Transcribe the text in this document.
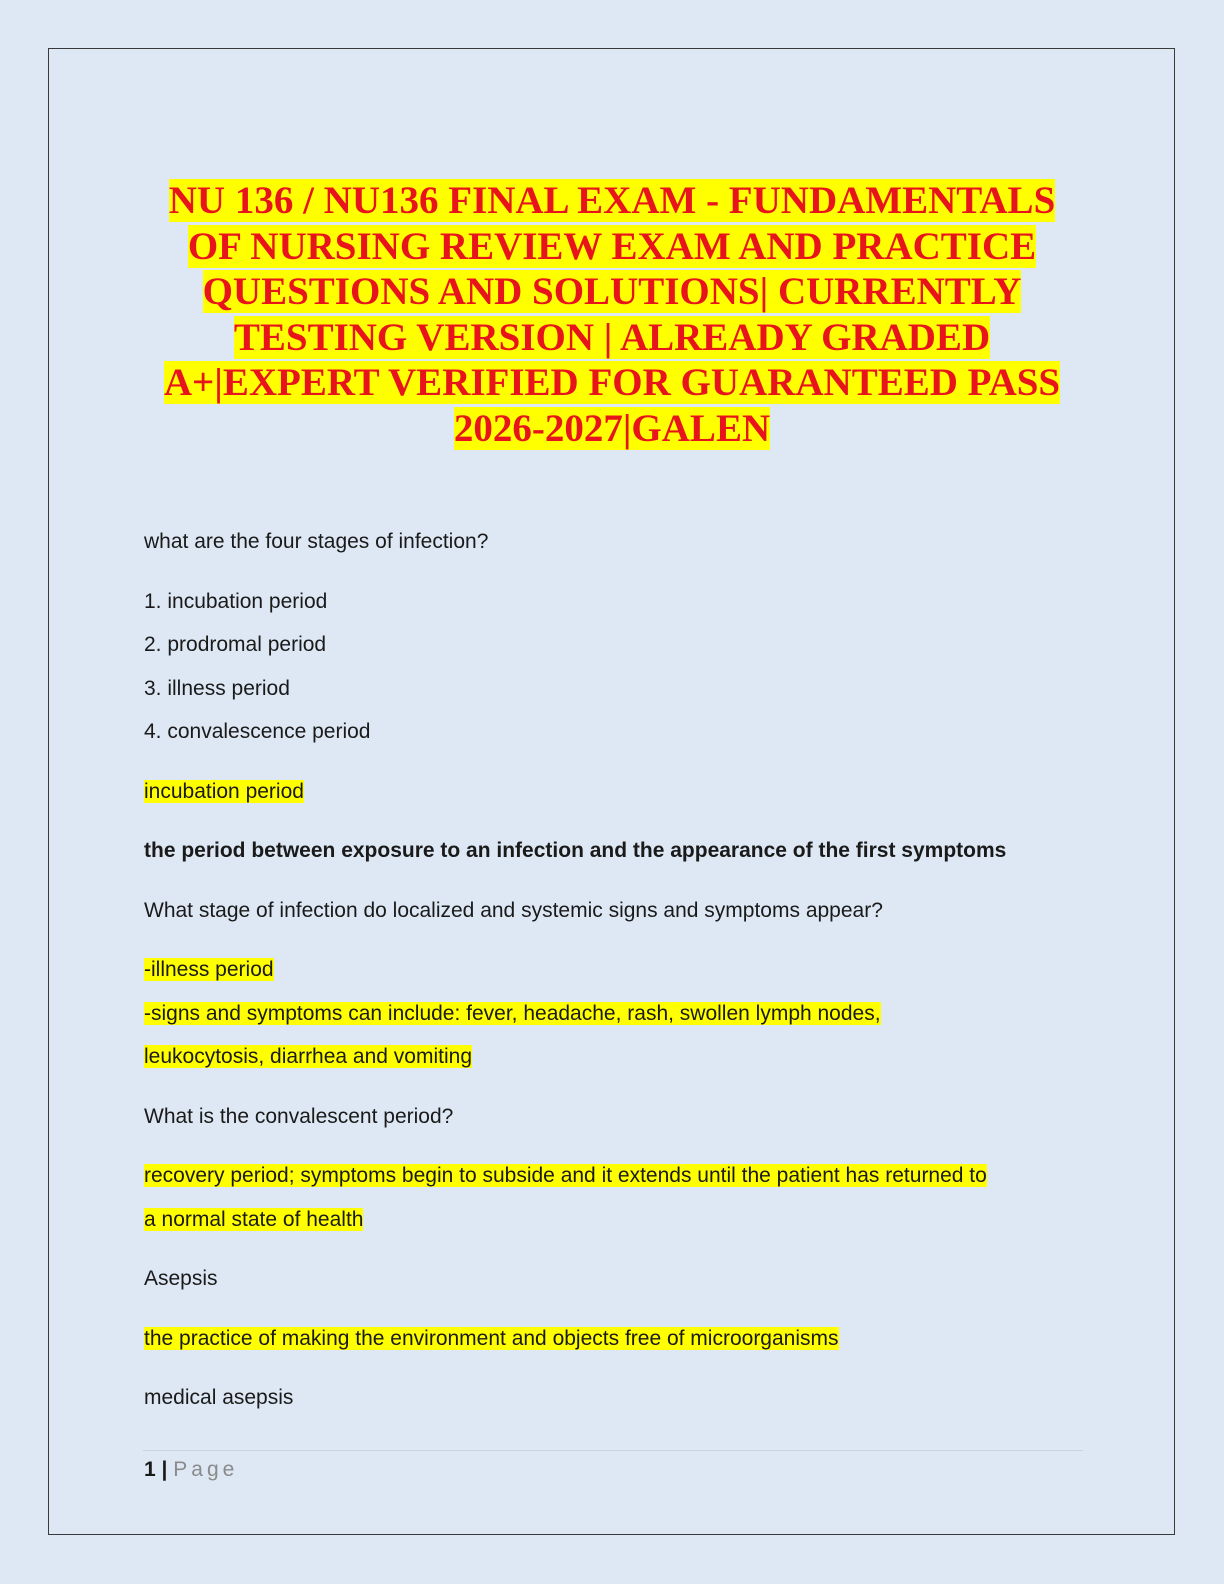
NU 136 / NU136 FINAL EXAM - FUNDAMENTALS
OF NURSING REVIEW EXAM AND PRACTICE
QUESTIONS AND SOLUTIONS| CURRENTLY
TESTING VERSION | ALREADY GRADED
A+|EXPERT VERIFIED FOR GUARANTEED PASS
2026-2027|GALEN
what are the four stages of infection?
1. incubation period
2. prodromal period
3. illness period
4. convalescence period
incubation period
the period between exposure to an infection and the appearance of the first symptoms
What stage of infection do localized and systemic signs and symptoms appear?
-illness period
-signs and symptoms can include: fever, headache, rash, swollen lymph nodes,
leukocytosis, diarrhea and vomiting
What is the convalescent period?
recovery period; symptoms begin to subside and it extends until the patient has returned to
a normal state of health
Asepsis
the practice of making the environment and objects free of microorganisms
medical asepsis
1 | Page
